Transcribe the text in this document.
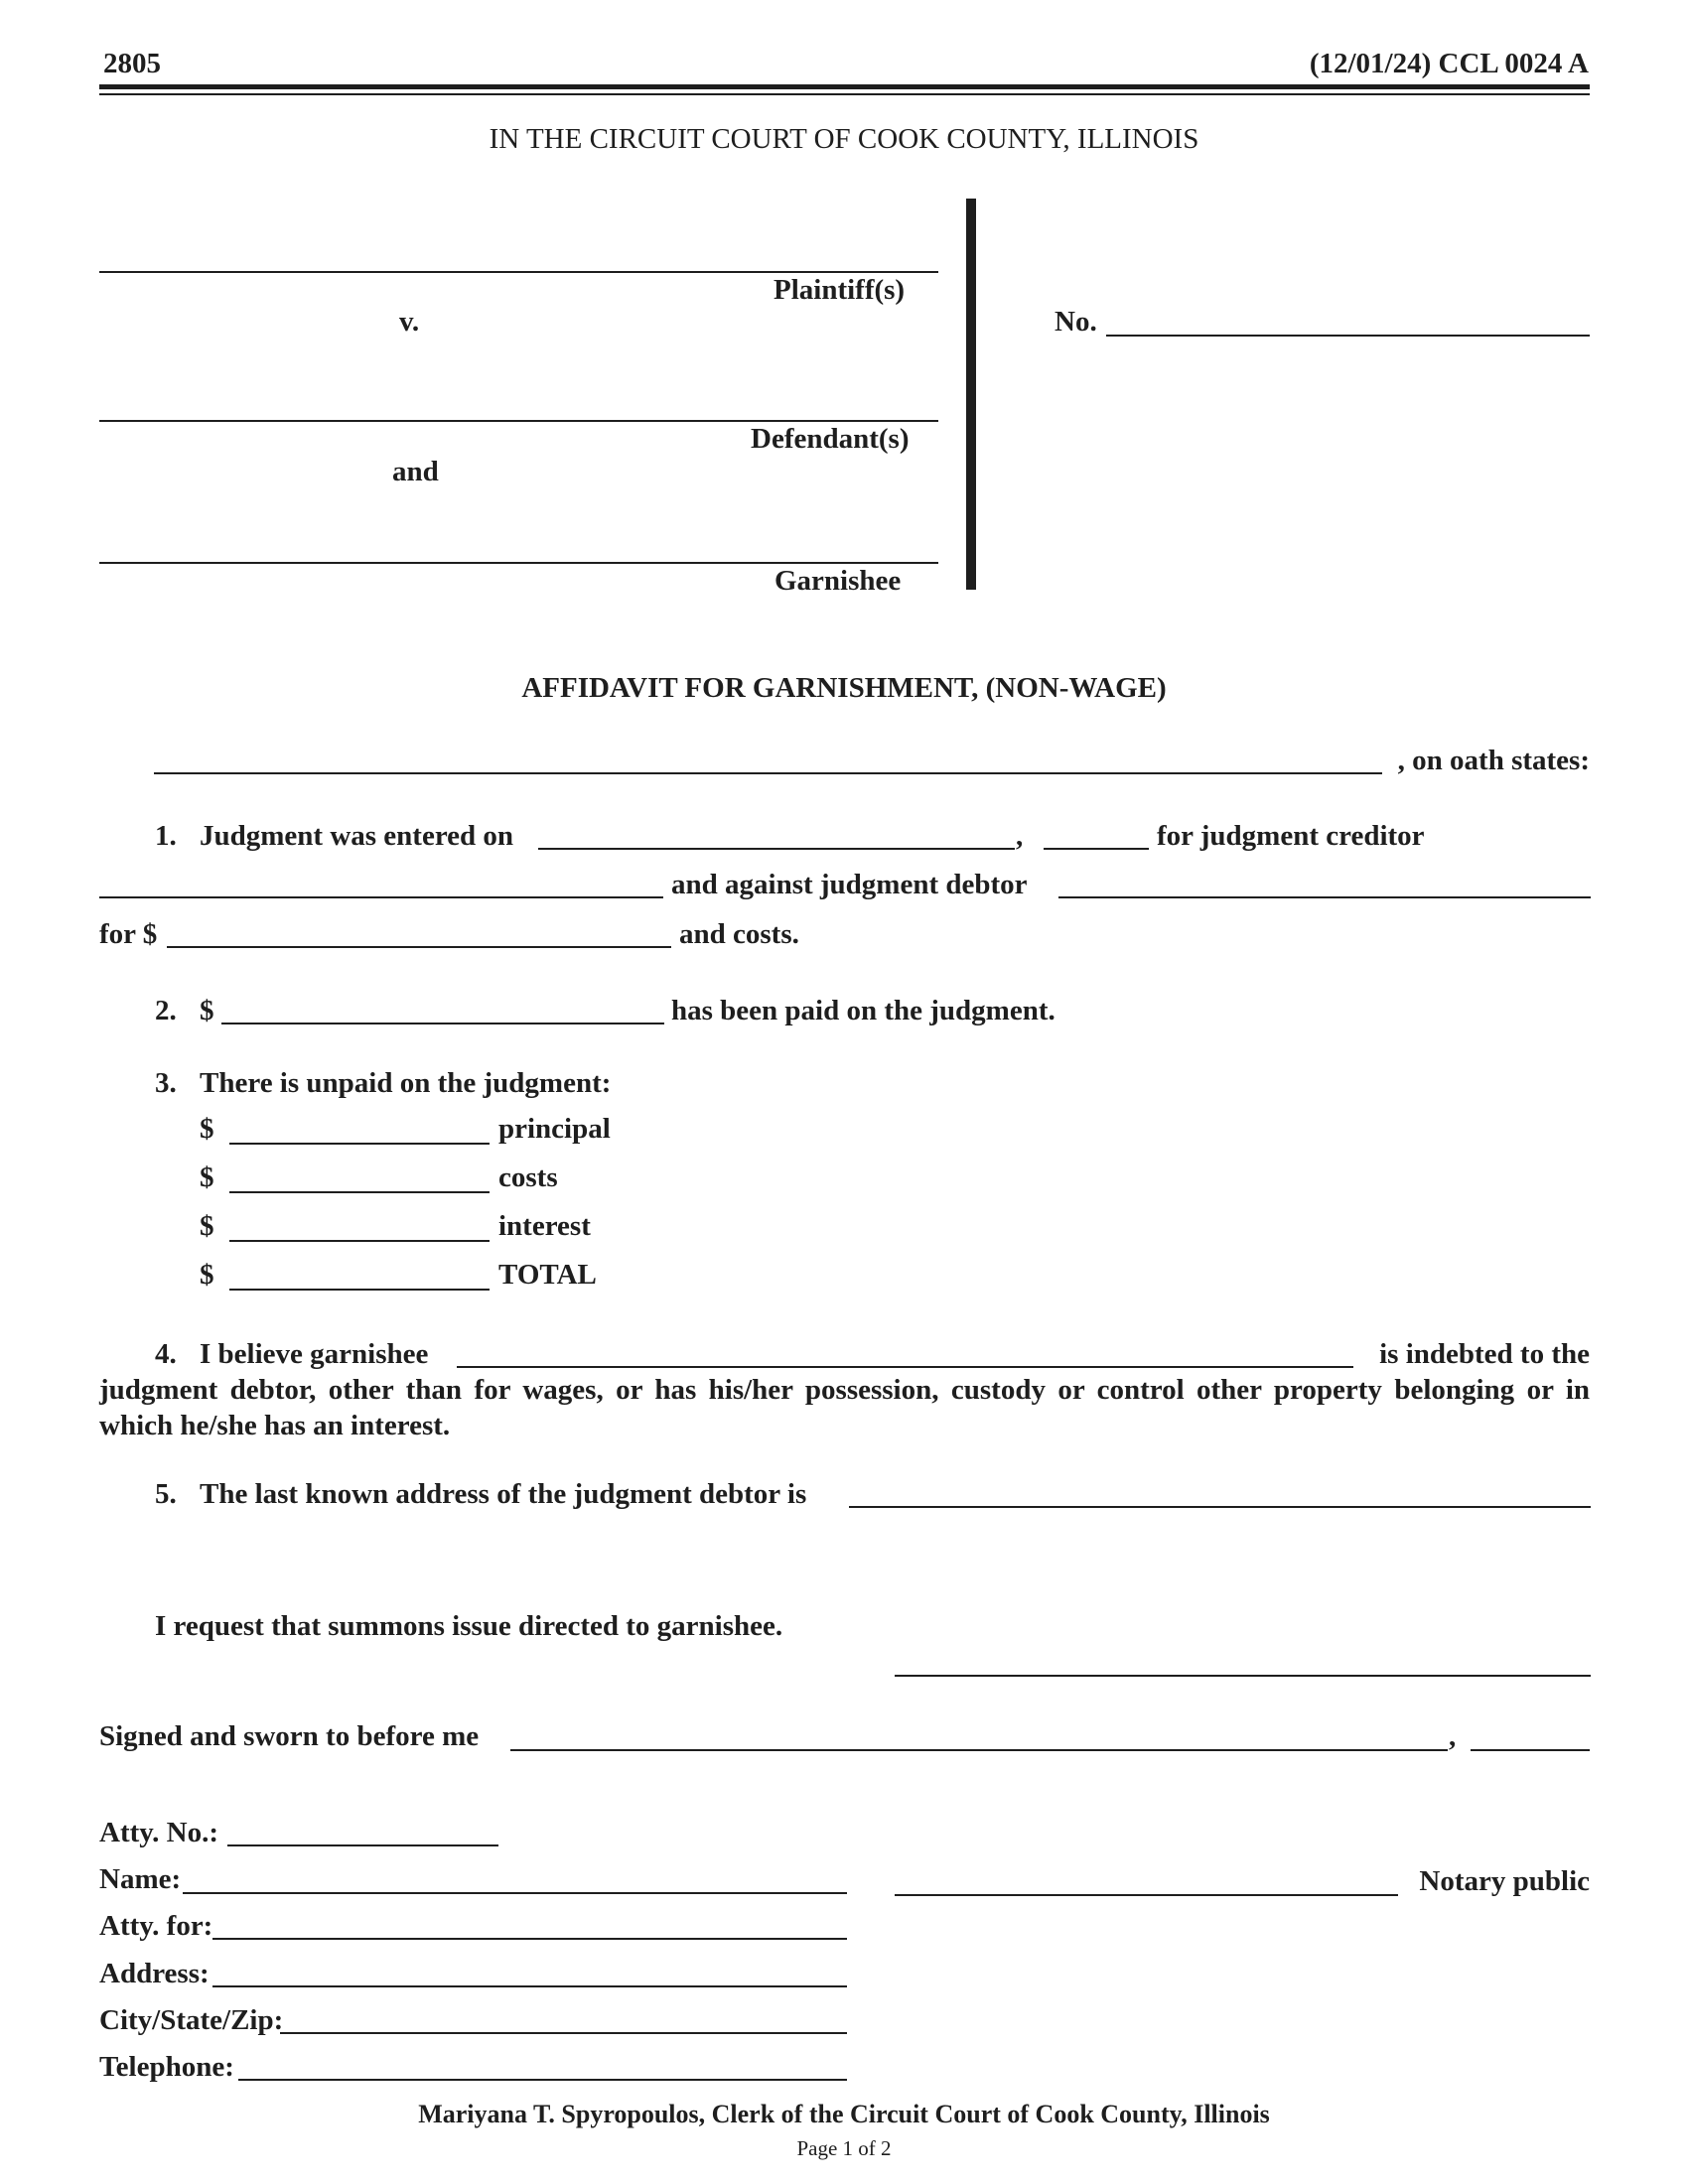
2805	(12/01/24) CCL 0024 A
IN THE CIRCUIT COURT OF COOK COUNTY, ILLINOIS
Plaintiff(s)
v.
Defendant(s)
and
Garnishee
No.
AFFIDAVIT FOR GARNISHMENT, (NON-WAGE)
, on oath states:
1. Judgment was entered on	,	for judgment creditor
and against judgment debtor
for $	and costs.
2. $	has been paid on the judgment.
3. There is unpaid on the judgment:
$	principal
$	costs
$	interest
$	TOTAL
4. I believe garnishee	is indebted to the
judgment debtor, other than for wages, or has his/her possession, custody or control other property belonging or in
which he/she has an interest.
5. The last known address of the judgment debtor is
I request that summons issue directed to garnishee.
Signed and sworn to before me	,
Atty. No.:
Name:
Atty. for:
Address:
City/State/Zip:
Telephone:
Notary public
Mariyana T. Spyropoulos, Clerk of the Circuit Court of Cook County, Illinois
Page 1 of 2
